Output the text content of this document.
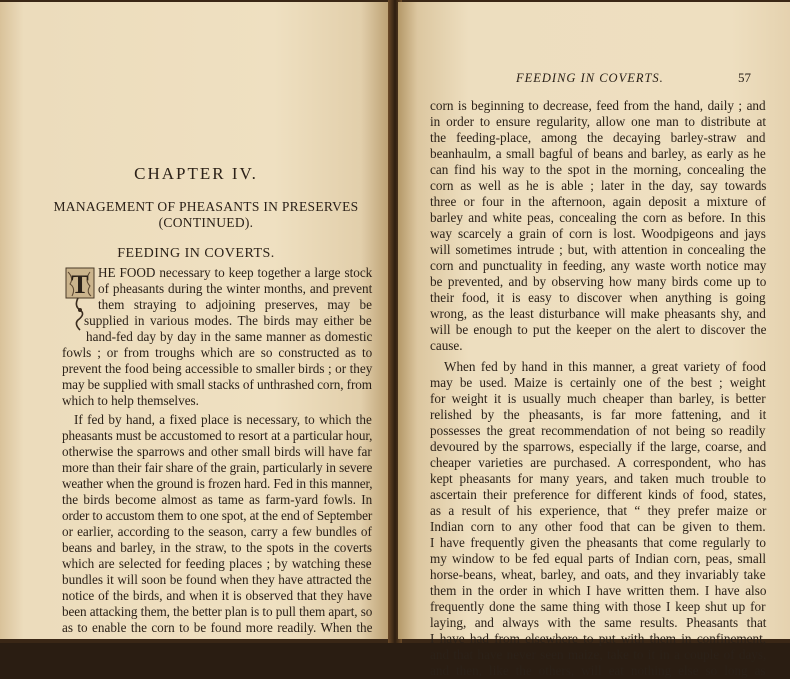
CHAPTER IV.
MANAGEMENT OF PHEASANTS IN PRESERVES
(CONTINUED).
FEEDING IN COVERTS.
T HE FOOD necessary to keep together a large stock
of pheasants during the winter months, and prevent
them straying to adjoining preserves, may be
supplied in various modes. The birds may either be
hand-fed day by day in the same manner as domestic
fowls ; or from troughs which are so constructed as to
prevent the food being accessible to smaller birds ; or they
may be supplied with small stacks of unthrashed corn, from
which to help themselves.
If fed by hand, a fixed place is necessary, to which the
pheasants must be accustomed to resort at a particular hour,
otherwise the sparrows and other small birds will have far
more than their fair share of the grain, particularly in severe
weather when the ground is frozen hard. Fed in this manner,
the birds become almost as tame as farm-yard fowls. In
order to accustom them to one spot, at the end of September
or earlier, according to the season, carry a few bundles of
beans and barley, in the straw, to the spots in the coverts
which are selected for feeding places ; by watching these
bundles it will soon be found when they have attracted the
notice of the birds, and when it is observed that they have
been attacking them, the better plan is to pull them apart, so
as to enable the corn to be found more readily. When the
FEEDING IN COVERTS.	57
corn is beginning to decrease, feed from the hand, daily ; and
in order to ensure regularity, allow one man to distribute at
the feeding-place, among the decaying barley-straw and
beanhaulm, a small bagful of beans and barley, as early as he
can find his way to the spot in the morning, concealing the
corn as well as he is able ; later in the day, say towards
three or four in the afternoon, again deposit a mixture of
barley and white peas, concealing the corn as before. In this
way scarcely a grain of corn is lost. Woodpigeons and jays
will sometimes intrude ; but, with attention in concealing the
corn and punctuality in feeding, any waste worth notice may
be prevented, and by observing how many birds come up to
their food, it is easy to discover when anything is going
wrong, as the least disturbance will make pheasants shy, and
will be enough to put the keeper on the alert to discover the
cause.
When fed by hand in this manner, a great variety of food
may be used. Maize is certainly one of the best ; weight
for weight it is usually much cheaper than barley, is better
relished by the pheasants, is far more fattening, and it
possesses the great recommendation of not being so readily
devoured by the sparrows, especially if the large, coarse, and
cheaper varieties are purchased. A correspondent, who has
kept pheasants for many years, and taken much trouble to
ascertain their preference for different kinds of food, states,
as a result of his experience, that “ they prefer maize or
Indian corn to any other food that can be given to them.
I have frequently given the pheasants that come regularly to
my window to be fed equal parts of Indian corn, peas, small
horse-beans, wheat, barley, and oats, and they invariably take
them in the order in which I have written them. I have also
frequently done the same thing with those I keep shut up for
laying, and always with the same results. Pheasants that
I have had from elsewhere to put with them in confinement,
and that have never seen maize, take to it in a couple of days,
and then, like the others, will eat nothing else so long as
